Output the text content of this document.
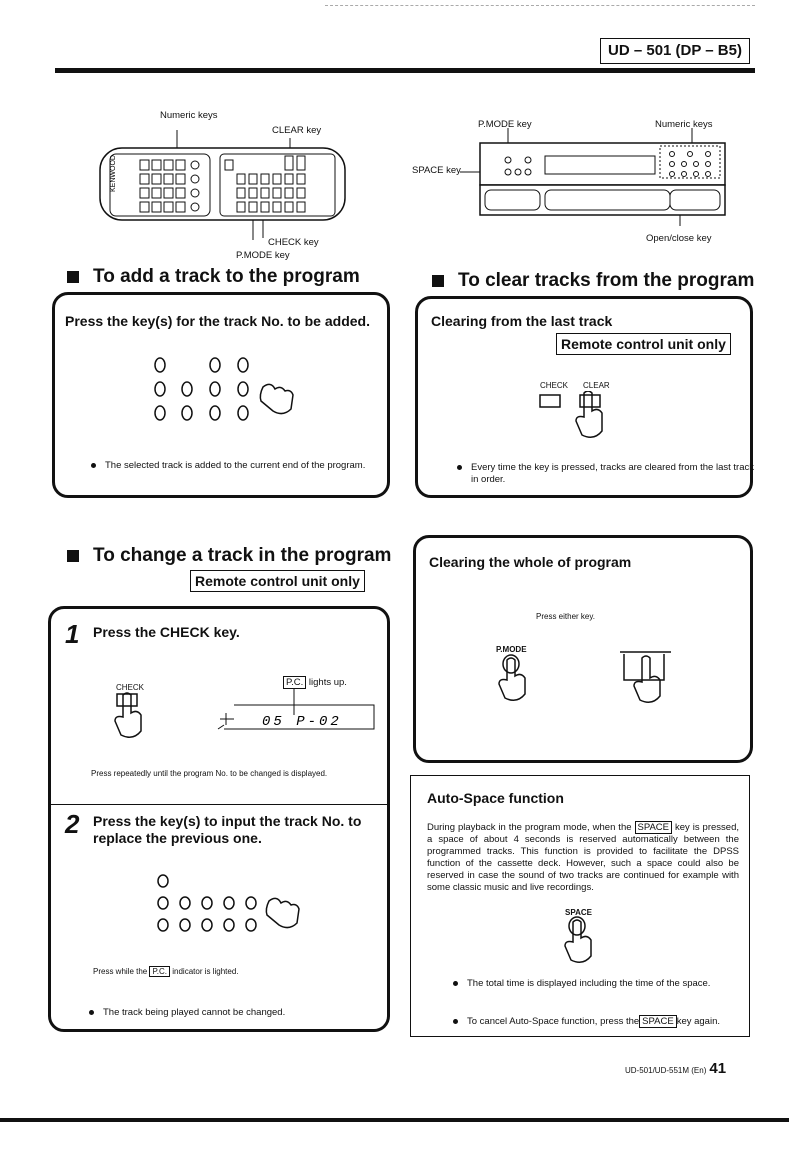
UD – 501 (DP – B5)
Numeric keys
CLEAR key
KENWOOD
CHECK key
P.MODE key
P.MODE key	Numeric keys
SPACE key
Open/close key
To add a track to the program
Press the key(s) for the track No. to be added.
The selected track is added to the current end of the program.
To clear tracks from the program
Clearing from the last track
Remote control unit only
CHECK CLEAR
Every time the key is pressed, tracks are cleared from the last track in order.
Clearing the whole of program
Press either key.
P.MODE
To change a track in the program
Remote control unit only
1 Press the CHECK key.
CHECK	P.C. lights up.
05 P-02
Press repeatedly until the program No. to be changed is displayed.
2 Press the key(s) to input the track No. to replace the previous one.
Press while the P.C. indicator is lighted.
The track being played cannot be changed.
Auto-Space function
During playback in the program mode, when the SPACE key is pressed, a space of about 4 seconds is reserved automatically between the programmed tracks. This function is provided to facilitate the DPSS function of the cassette deck. However, such a space could also be reserved in case the sound of two tracks are continued for example with some classic music and live recordings.
SPACE
The total time is displayed including the time of the space.
To cancel Auto-Space function, press the SPACE key again.
UD-501/UD-551M (En) 41
